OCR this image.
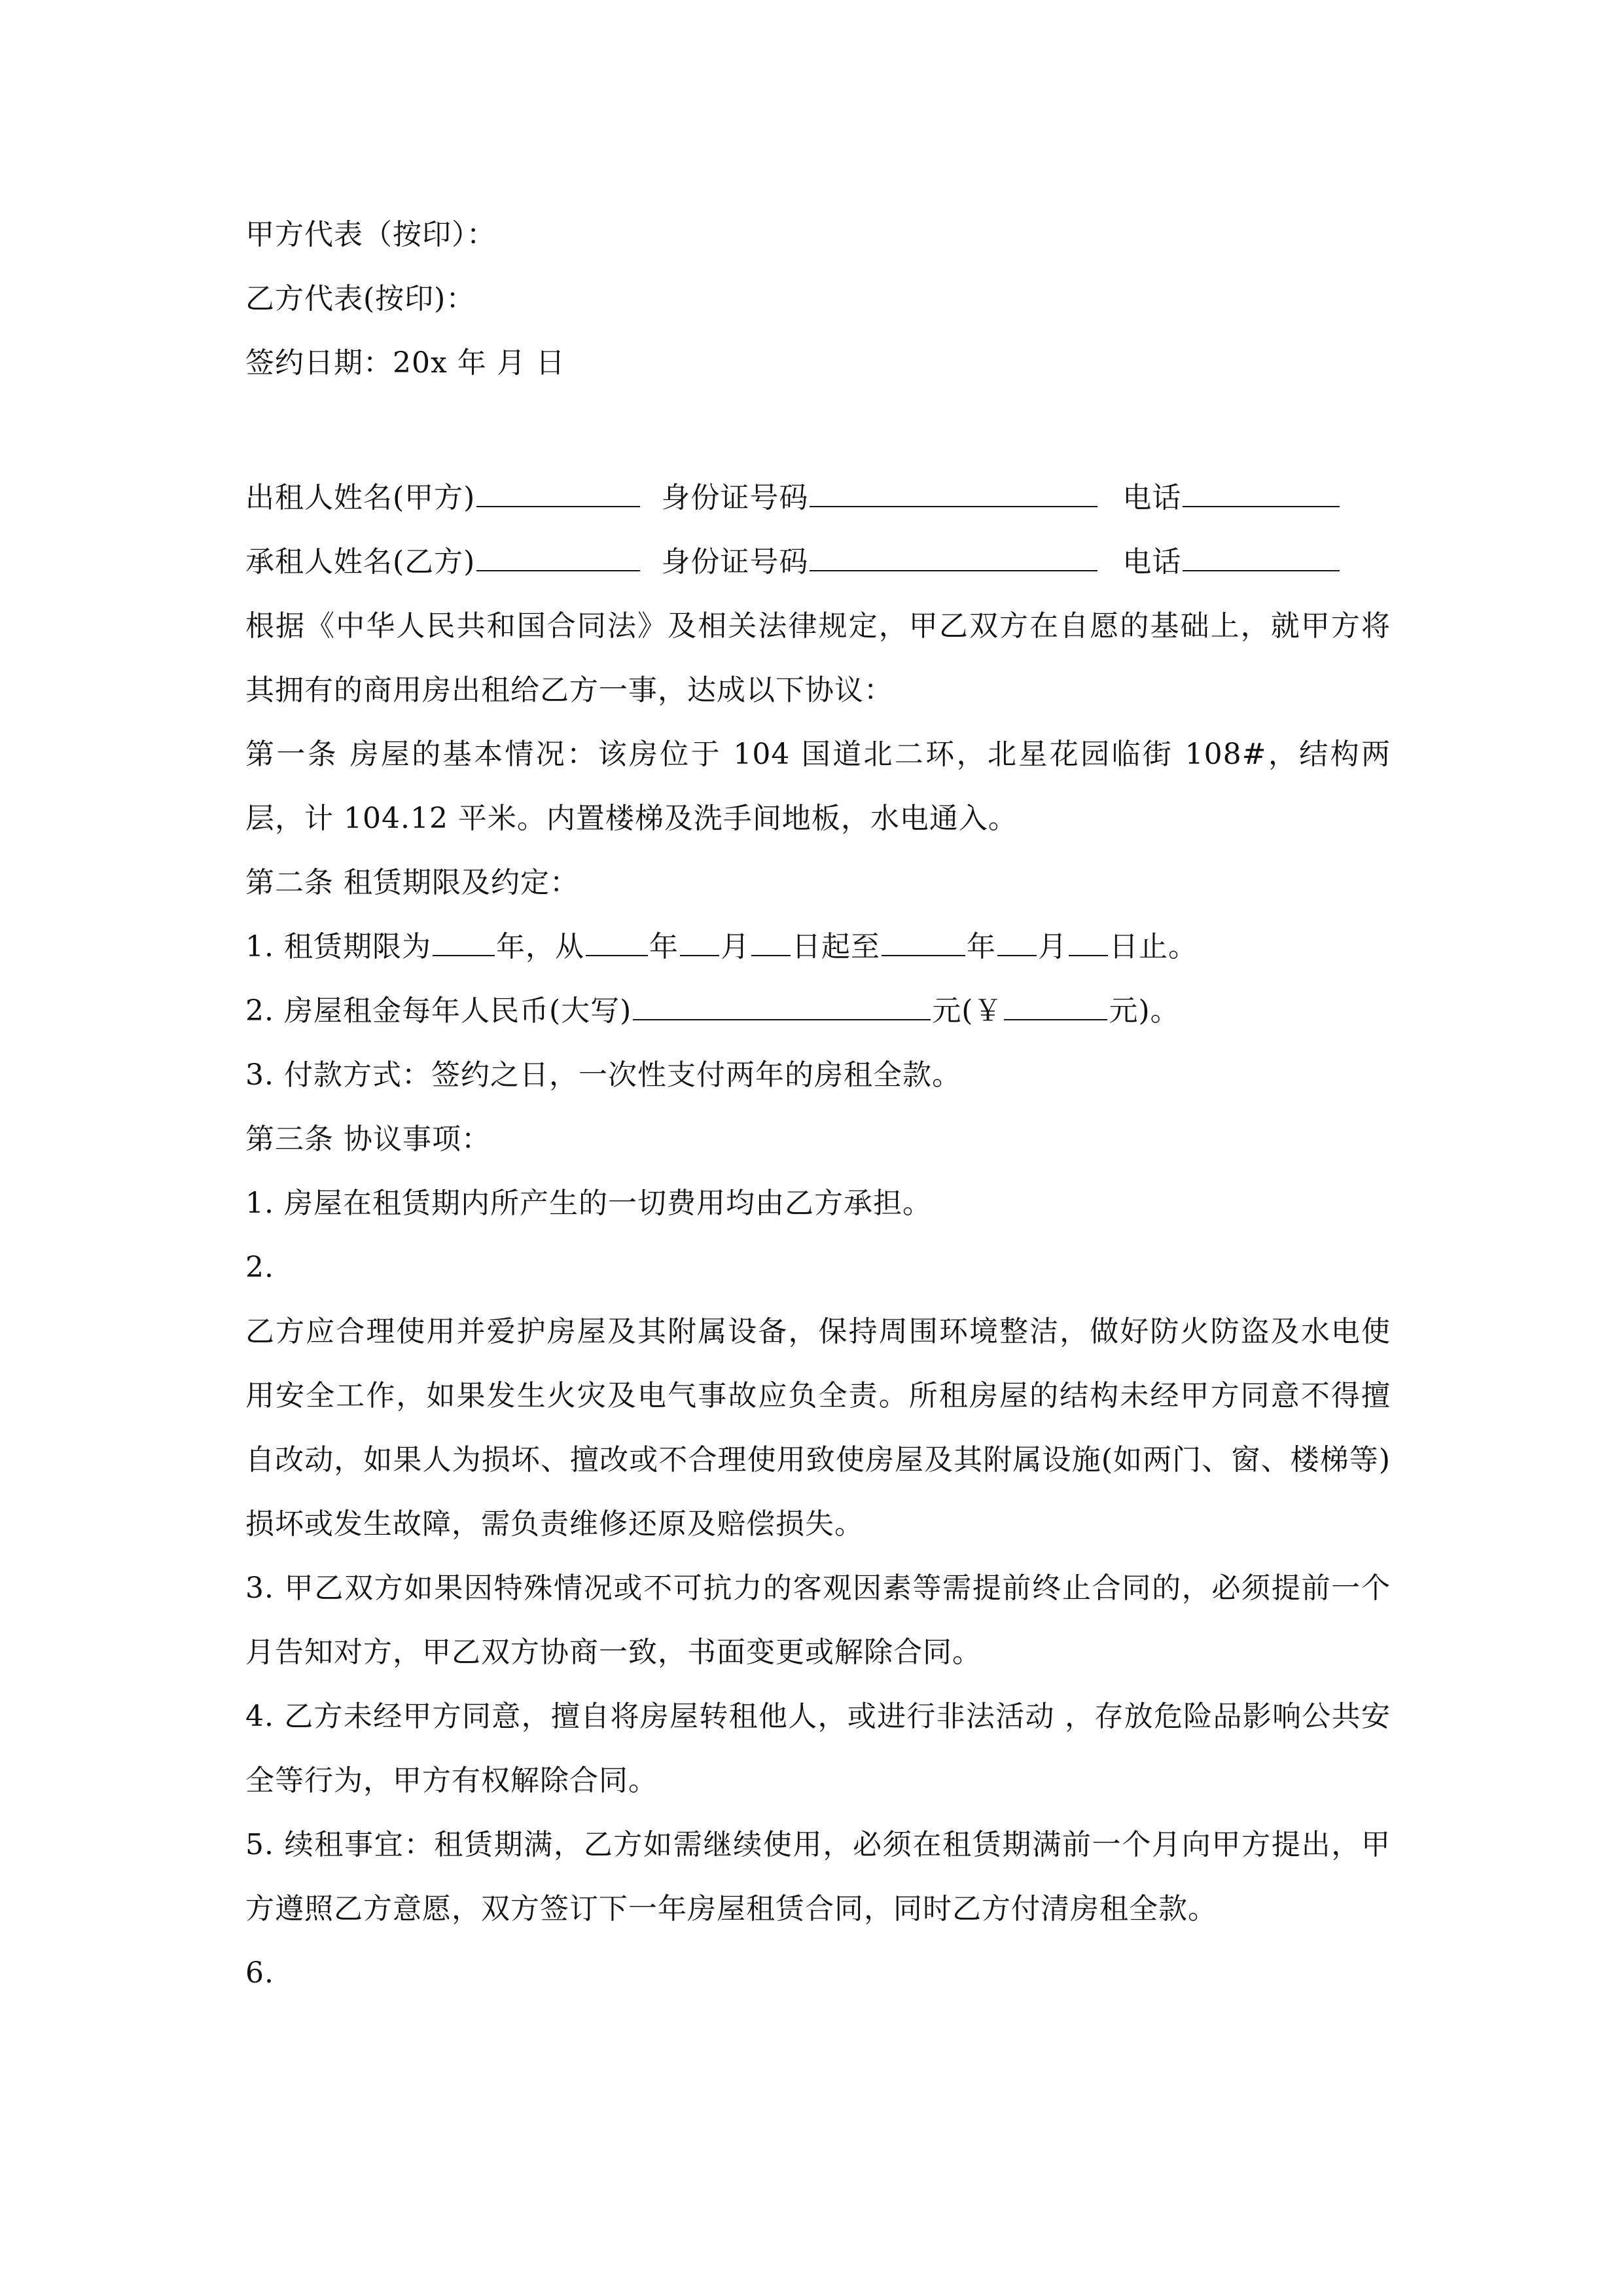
甲方代表（按印）：
乙方代表(按印)：
签约日期：20x 年 月 日
出租人姓名(甲方)	身份证号码	电话
承租人姓名(乙方)	身份证号码	电话
根据《中华人民共和国合同法》及相关法律规定，甲乙双方在自愿的基础上，就甲方将其拥有的商用房出租给乙方一事，达成以下协议：
第一条 房屋的基本情况：该房位于 104 国道北二环，北星花园临街 108#，结构两层，计 104.12 平米。内置楼梯及洗手间地板，水电通入。
第二条 租赁期限及约定：
1. 租赁期限为 年，从 年 月 日起至	年 月 日止。
2. 房屋租金每年人民币(大写)	元(￥	元)。
3. 付款方式：签约之日，一次性支付两年的房租全款。
第三条 协议事项：
1. 房屋在租赁期内所产生的一切费用均由乙方承担。
2.
乙方应合理使用并爱护房屋及其附属设备，保持周围环境整洁，做好防火防盗及水电使用安全工作，如果发生火灾及电气事故应负全责。所租房屋的结构未经甲方同意不得擅自改动，如果人为损坏、擅改或不合理使用致使房屋及其附属设施(如两门、窗、楼梯等)损坏或发生故障，需负责维修还原及赔偿损失。
3. 甲乙双方如果因特殊情况或不可抗力的客观因素等需提前终止合同的，必须提前一个月告知对方，甲乙双方协商一致，书面变更或解除合同。
4. 乙方未经甲方同意，擅自将房屋转租他人，或进行非法活动 ，存放危险品影响公共安全等行为，甲方有权解除合同。
5. 续租事宜：租赁期满，乙方如需继续使用，必须在租赁期满前一个月向甲方提出，甲方遵照乙方意愿，双方签订下一年房屋租赁合同，同时乙方付清房租全款。
6.
